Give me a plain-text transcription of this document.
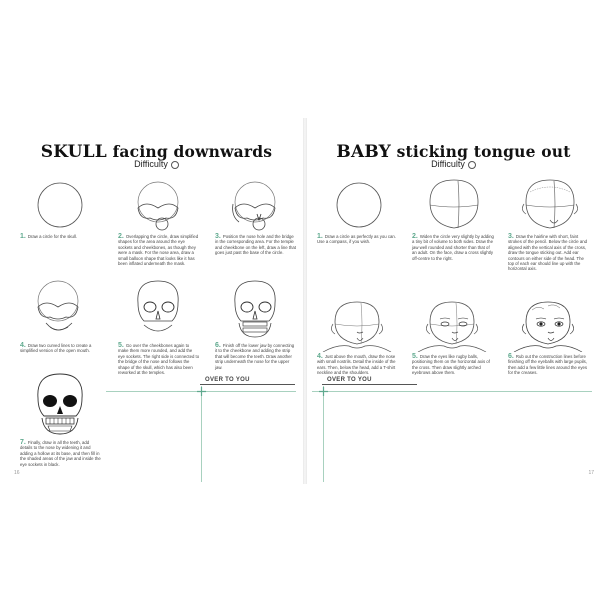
SKULL facing downwards
Difficulty
1. Draw a circle for the skull.	2. Overlapping the circle, draw simplified shapes for the area around the eye sockets and cheekbones, as though they were a mask. For the nose area, draw a small balloon shape that looks like it has been inflated underneath the mask.
3. Position the nose hole and the bridge in the corresponding area. For the temple and cheekbone on the left, draw a line that goes just past the base of the circle.
4. Draw two curved lines to create a simplified version of the open mouth.
5. Go over the cheekbones again to make them more rounded, and add the eye sockets. The right side is connected to the bridge of the nose and follows the shape of the skull, which has also been reworked at the temples.
6. Finish off the lower jaw by connecting it to the cheekbone and adding the strip that will become the teeth. Draw another strip underneath the nose for the upper jaw.
7. Finally, draw in all the teeth, add details to the nose by widening it and adding a hollow at its base, and then fill in the shaded areas of the jaw and inside the eye sockets in black.
OVER TO YOU
16
BABY sticking tongue out
Difficulty
1. Draw a circle as perfectly as you can. Use a compass, if you wish.
2. Widen the circle very slightly by adding a tiny bit of volume to both sides. Draw the jaw well rounded and shorter than that of an adult. On the face, draw a cross slightly off-centre to the right.
3. Draw the hairline with short, faint strokes of the pencil. Below the circle and aligned with the vertical axis of the cross, draw the tongue sticking out. Add ear contours on either side of the head. The top of each ear should line up with the horizontal axis.
4. Just above the mouth, draw the nose with small nostrils. Detail the inside of the ears. Then, below the head, add a T-shirt neckline and the shoulders.
5. Draw the eyes like rugby balls, positioning them on the horizontal axis of the cross. Then draw slightly arched eyebrows above them.
6. Rub out the construction lines before finishing off the eyeballs with large pupils, then add a few little lines around the eyes for the creases.
OVER TO YOU
17
